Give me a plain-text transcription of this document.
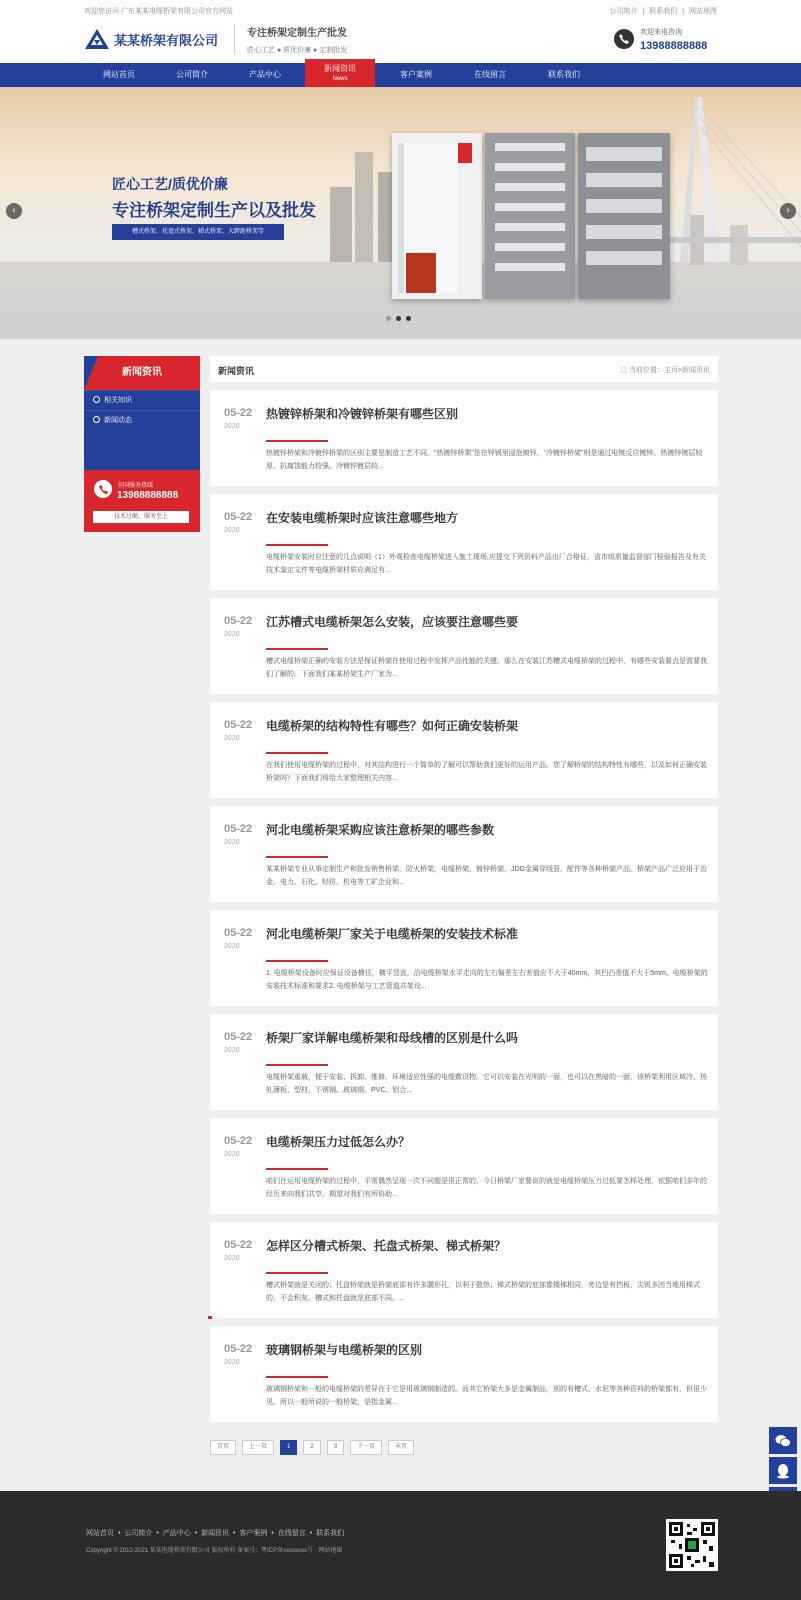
欢迎您访问 广东某某电缆桥架有限公司官方网站	公司简介 | 联系我们 | 网站地图
某某桥架有限公司	专注桥架定制生产批发
匠心工艺 ● 质优价廉 ● 定制批发
欢迎来电咨询
13988888888
网站首页	公司简介	产品中心
新闻资讯
News	客户案例	在线留言	联系我们
匠心工艺/质优价廉
专注桥架定制生产以及批发
槽式桥架、托盘式桥架、梯式桥架、大跨距桥架等
‹	›
新闻资讯
相关知识
新闻动态
全国服务热线
13988888888
技术过硬，服务至上
新闻资讯	☖ 当前位置：主页>新闻资讯
05-22
2020
热镀锌桥架和冷镀锌桥架有哪些区别
热镀锌桥架和冷镀锌桥架的区别主要是制造工艺不同。“热镀锌桥架”是在锌锅里浸泡镀锌，“冷镀锌桥架”则是通过电镀反应镀锌。热镀锌镀层较厚，抗腐蚀能力较强。冷镀锌镀层较...
05-22
2020
在安装电缆桥架时应该注意哪些地方
电缆桥架安装时应注意的几点说明（1）外观检查电缆桥架进入施工现场,应提交下列资料产品出厂合格证，省市级质量监督部门检验报告及有关技术鉴定文件等电缆桥架材质应满足有...
05-22
2020
江苏槽式电缆桥架怎么安装，应该要注意哪些要
槽式电缆桥架正确的安装方法是保证桥架在使用过程中发挥产品性能的关键。那么在安装江苏槽式电缆桥架的过程中，有哪些安装要点是需要我们了解的。下面我们某某桥架生产厂家为...
05-22
2020
电缆桥架的结构特性有哪些？如何正确安装桥架
在我们使用电缆桥架的过程中，对其结构进行一个简单的了解可以帮助我们更好的运用产品。您了解桥架的结构特性有哪些，以及如何正确安装桥架吗？下面我们将给大家整理相关内容...
05-22
2020
河北电缆桥架采购应该注意桥架的哪些参数
某某桥架专业从事定制生产和批发销售桥架，防火桥架，电缆桥架，镀锌桥架，JDG金属穿线管，配件等各种桥架产品。桥架产品广泛应用于冶金、电力、石化、轻纺、机电等工矿企业和...
05-22
2020
河北电缆桥架厂家关于电缆桥架的安装技术标准
1. 电缆桥架设备时应保证设备横往，横平竖直，沿电缆桥架水平走向的左右偏差左右差值应不大于40mm，其凹凸差值不大于5mm。电缆桥架的安装技术标准和要求2. 电缆桥架与工艺管道共架设...
05-22
2020
桥架厂家详解电缆桥架和母线槽的区别是什么吗
电缆桥架重载，便于安装、拆卸、维修，环境适应性强的电缆敷设物。它可以安装在光明的一面，也可以在黑暗的一面，该桥架利用区域冷、热轧薄板、型材、不锈钢、玻璃钢、PVC、铝合...
05-22
2020
电缆桥架压力过低怎么办？
咱们在运用电缆桥架的过程中，平常偶然呈现一次不问题是很正常的，今日桥架厂家要说的就是电缆桥架压力过低要怎样处理，依据咱们多年的经历来向我们共享，期望对我们有所协助...
05-22
2020
怎样区分槽式桥架、托盘式桥架、梯式桥架？
槽式桥架就是关闭的；托盘桥架就是桥架底部有许多腰形孔，以利于散热；梯式桥架的底部像楼梯相同，旁边是有挡板，尖锐多因当地用梯式的，不会积灰。槽式和托盘就是底部不同。...
05-22
2020
玻璃钢桥架与电缆桥架的区别
玻璃钢桥架和一般的电缆桥架的差异在于它是用玻璃钢制造的。而其它桥架大多是金属制品，别的有槽式、水泥等各种资料的桥架都有，但很少见。所以一般所说的一般桥架，是指金属...
首页	上一页	1	2	3	下一页	末页
网站首页 • 公司简介 • 产品中心 • 新闻资讯 • 客户案例 • 在线留言 • 联系我们
Copyright © 2012-2021 某某电缆桥架有限公司 版权所有 备案号：粤ICP备xxxxxxxx号 · 网站地图
